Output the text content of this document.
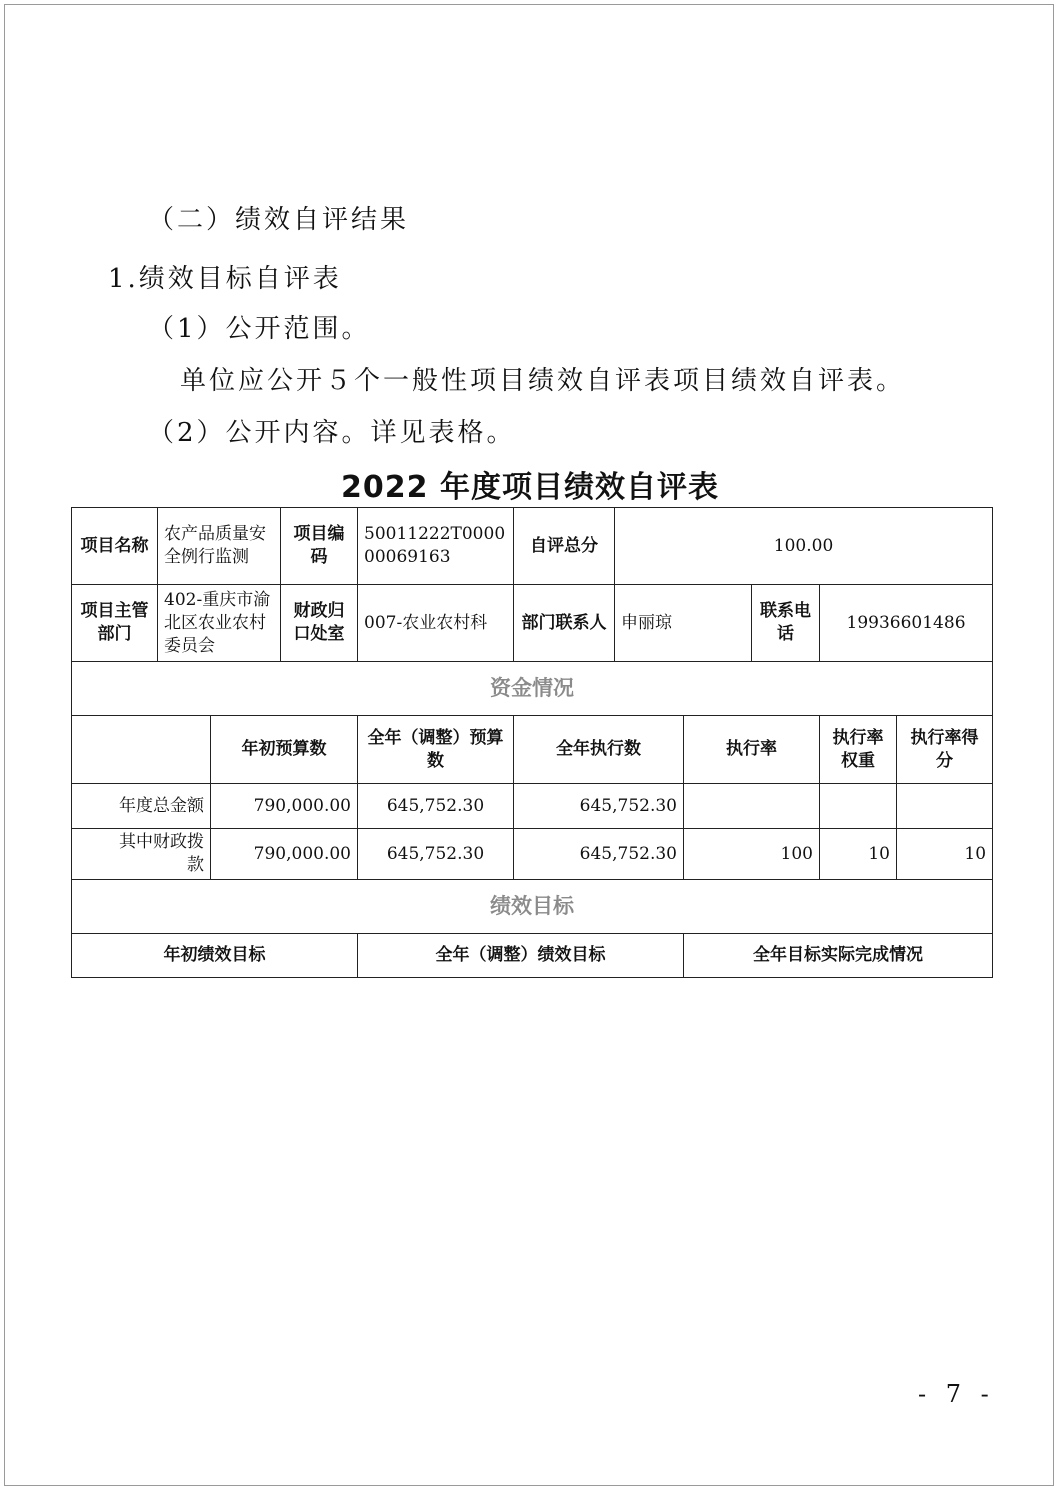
（二）绩效自评结果
1.绩效目标自评表
（1）公开范围。
单位应公开５个一般性项目绩效自评表项目绩效自评表。
（2）公开内容。详见表格。
2022 年度项目绩效自评表
项目名称	农产品质量安全例行监测		项目编码	50011222T000000069163	自评总分	100.00				
项目主管部门	402-重庆市渝北区农业农村委员会		财政归口处室	007-农业农村科	部门联系人	申丽琼		联系电话	19936601486	
资金情况										
		年初预算数		全年（调整）预算数	全年执行数		执行率		执行率权重	执行率得分
年度总金额		790,000.00		645,752.30	645,752.30					
其中财政拨款		790,000.00		645,752.30	645,752.30		100		10	10
绩效目标										
年初绩效目标				全年（调整）绩效目标			全年目标实际完成情况			
- 7 -
